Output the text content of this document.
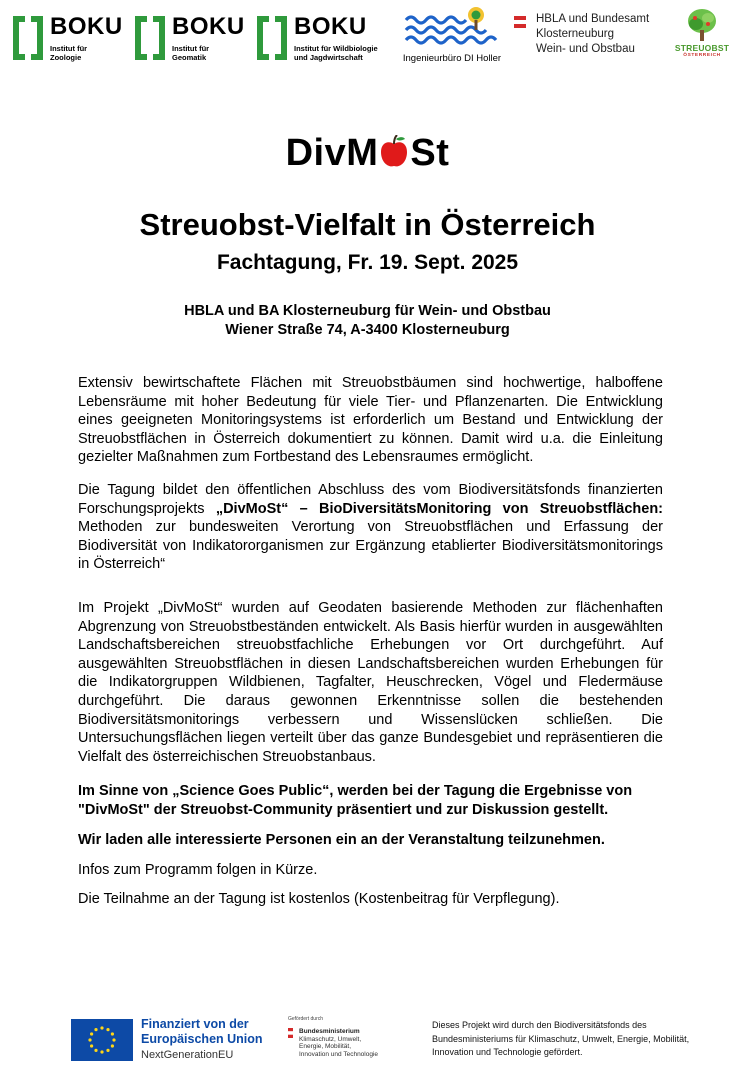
BOKU
Institut für
Zoologie
BOKU
Institut für
Geomatik
BOKU
Institut für Wildbiologie
und Jagdwirtschaft	Ingenieurbüro DI Holler
HBLA und Bundesamt
Klosterneuburg
Wein- und Obstbau	STREUOBST
ÖSTERREICH
DivM St
Streuobst-Vielfalt in Österreich
Fachtagung, Fr. 19. Sept. 2025
HBLA und BA Klosterneuburg für Wein- und Obstbau
Wiener Straße 74, A-3400 Klosterneuburg

Extensiv bewirtschaftete Flächen mit Streuobstbäumen sind hochwertige, halboffene Lebensräume mit hoher Bedeutung für viele Tier- und Pflanzenarten. Die Entwicklung eines geeigneten Monitoringsystems ist erforderlich um Bestand und Entwicklung der Streuobstflächen in Österreich dokumentiert zu können. Damit wird u.a. die Einleitung gezielter Maßnahmen zum Fortbestand des Lebensraumes ermöglicht.

Die Tagung bildet den öffentlichen Abschluss des vom Biodiversitätsfonds finanzierten Forschungsprojekts „DivMoSt“ – BioDiversitätsMonitoring von Streuobstflächen: Methoden zur bundesweiten Verortung von Streuobstflächen und Erfassung der Biodiversität von Indikatororganismen zur Ergänzung etablierter Biodiversitätsmonitorings in Österreich“

Im Projekt „DivMoSt“ wurden auf Geodaten basierende Methoden zur flächenhaften Abgrenzung von Streuobstbeständen entwickelt. Als Basis hierfür wurden in ausgewählten Landschaftsbereichen streuobstfachliche Erhebungen vor Ort durchgeführt. Auf ausgewählten Streuobstflächen in diesen Landschaftsbereichen wurden Erhebungen für die Indikatorgruppen Wildbienen, Tagfalter, Heuschrecken, Vögel und Fledermäuse durchgeführt. Die daraus gewonnen Erkenntnisse sollen die bestehenden Biodiversitätsmonitorings verbessern und Wissenslücken schließen. Die Untersuchungsflächen liegen verteilt über das ganze Bundesgebiet und repräsentieren die Vielfalt des österreichischen Streuobstanbaus.

Im Sinne von „Science Goes Public“, werden bei der Tagung die Ergebnisse von "DivMoSt" der Streuobst-Community präsentiert und zur Diskussion gestellt.

Wir laden alle interessierte Personen ein an der Veranstaltung teilzunehmen.

Infos zum Programm folgen in Kürze.

Die Teilnahme an der Tagung ist kostenlos (Kostenbeitrag für Verpflegung).

Finanziert von der
Europäischen Union
NextGenerationEU
Gefördert durch
Bundesministerium
Klimaschutz, Umwelt,
Energie, Mobilität,
Innovation und Technologie
Dieses Projekt wird durch den Biodiversitätsfonds des Bundesministeriums für Klimaschutz, Umwelt, Energie, Mobilität, Innovation und Technologie gefördert.
